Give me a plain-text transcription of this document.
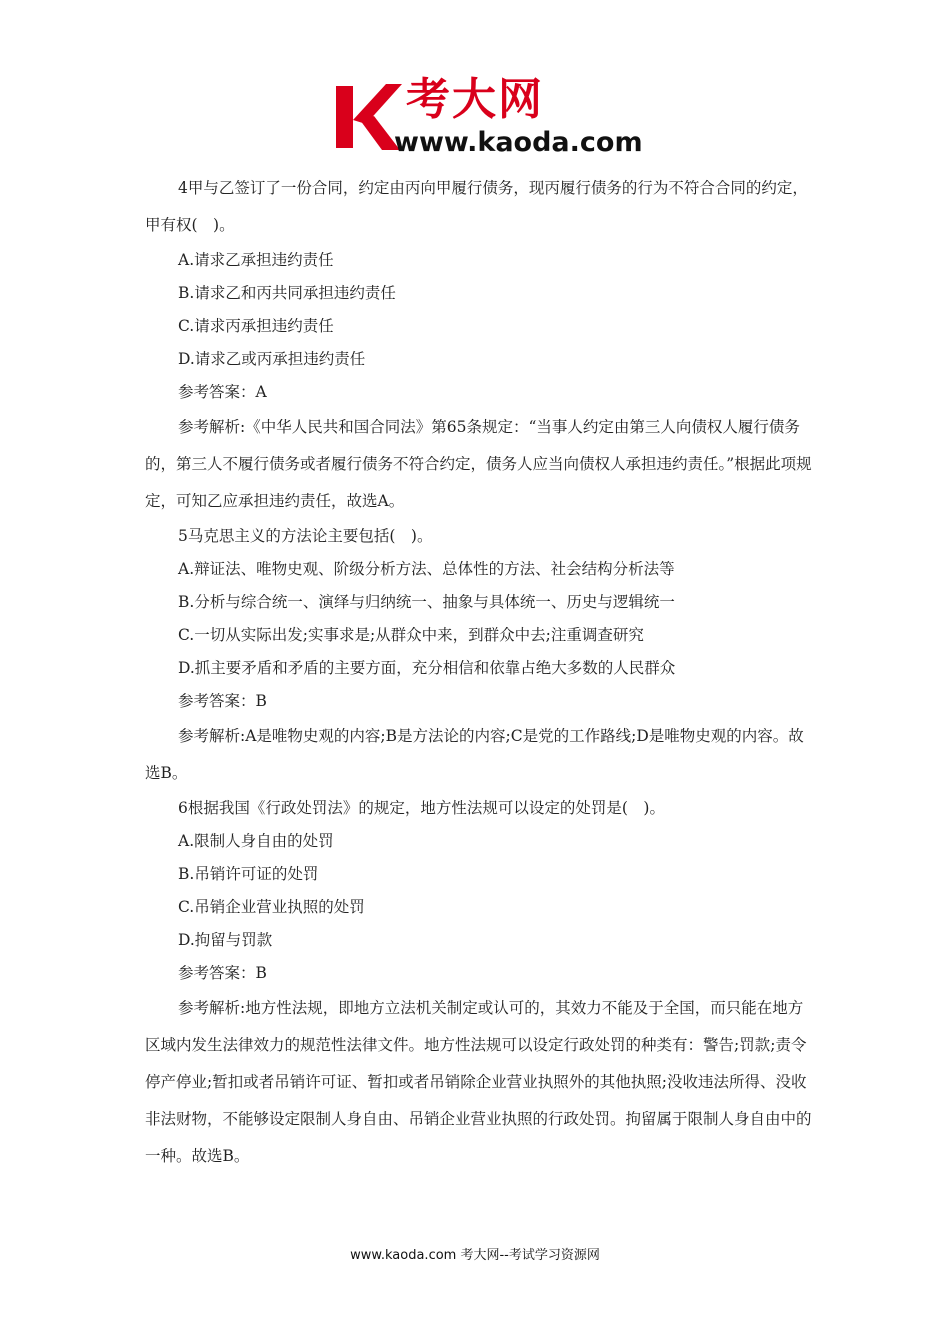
考大网
www.kaoda.com

4甲与乙签订了一份合同，约定由丙向甲履行债务，现丙履行债务的行为不符合合同的约定，甲有权(　)。

A.请求乙承担违约责任

B.请求乙和丙共同承担违约责任

C.请求丙承担违约责任

D.请求乙或丙承担违约责任

参考答案：A

参考解析:《中华人民共和国合同法》第65条规定：“当事人约定由第三人向债权人履行债务的，第三人不履行债务或者履行债务不符合约定，债务人应当向债权人承担违约责任。”根据此项规定，可知乙应承担违约责任，故选A。

5马克思主义的方法论主要包括(　)。

A.辩证法、唯物史观、阶级分析方法、总体性的方法、社会结构分析法等

B.分析与综合统一、演绎与归纳统一、抽象与具体统一、历史与逻辑统一

C.一切从实际出发;实事求是;从群众中来，到群众中去;注重调查研究

D.抓主要矛盾和矛盾的主要方面，充分相信和依靠占绝大多数的人民群众

参考答案：B

参考解析:A是唯物史观的内容;B是方法论的内容;C是党的工作路线;D是唯物史观的内容。故选B。

6根据我国《行政处罚法》的规定，地方性法规可以设定的处罚是(　)。

A.限制人身自由的处罚

B.吊销许可证的处罚

C.吊销企业营业执照的处罚

D.拘留与罚款

参考答案：B

参考解析:地方性法规，即地方立法机关制定或认可的，其效力不能及于全国，而只能在地方区域内发生法律效力的规范性法律文件。地方性法规可以设定行政处罚的种类有：警告;罚款;责令停产停业;暂扣或者吊销许可证、暂扣或者吊销除企业营业执照外的其他执照;没收违法所得、没收非法财物，不能够设定限制人身自由、吊销企业营业执照的行政处罚。拘留属于限制人身自由中的一种。故选B。

www.kaoda.com 考大网--考试学习资源网
